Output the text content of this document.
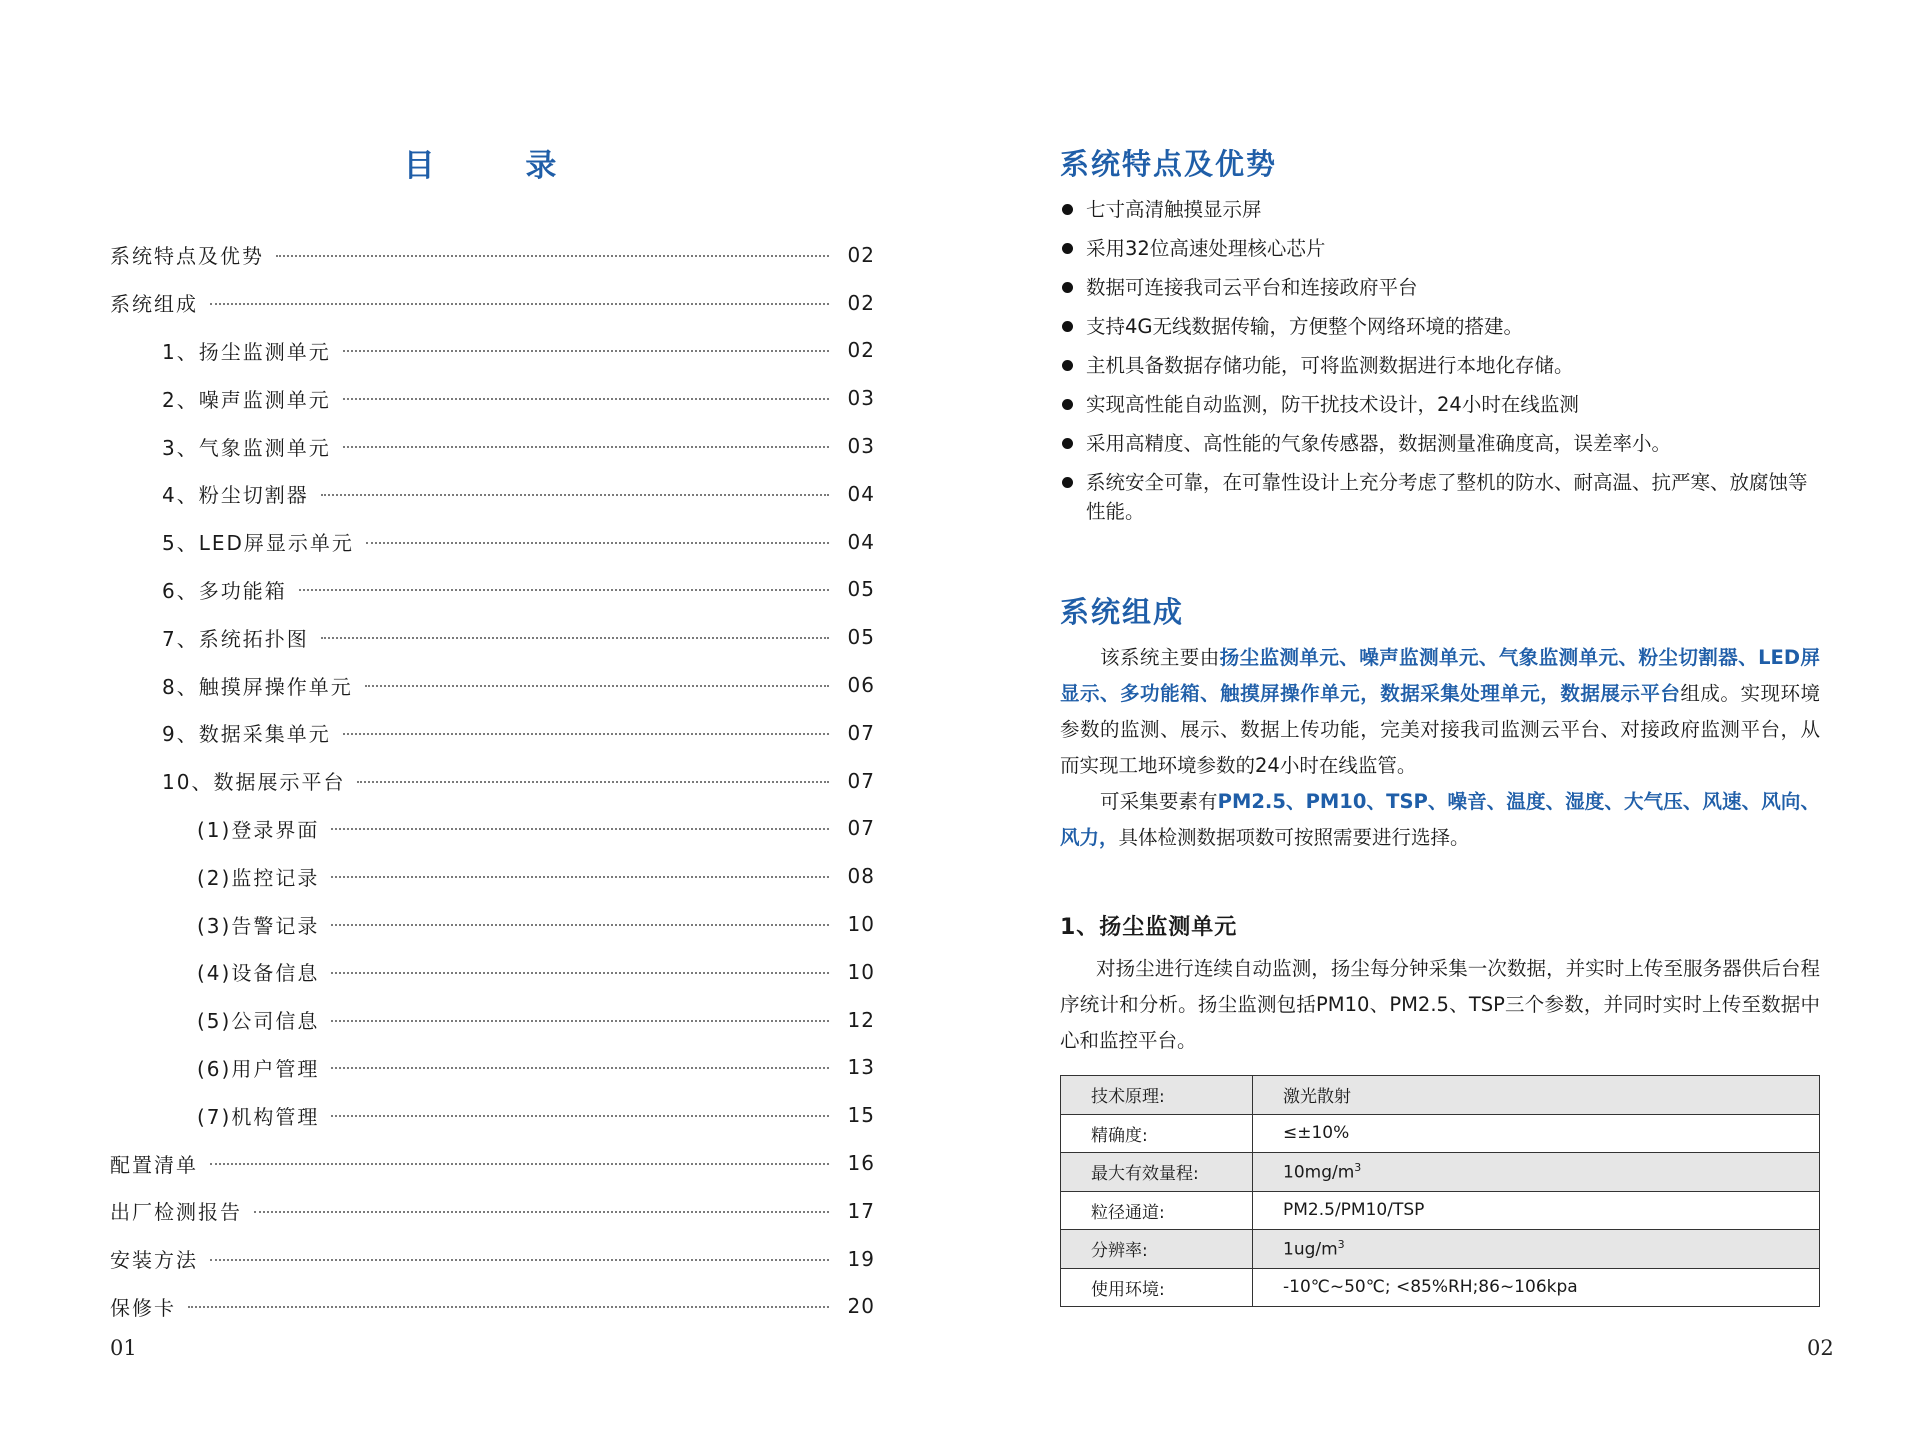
目 录
系统特点及优势	02
系统组成	02
1、扬尘监测单元	02
2、噪声监测单元	03
3、气象监测单元	03
4、粉尘切割器	04
5、LED屏显示单元	04
6、多功能箱	05
7、系统拓扑图	05
8、触摸屏操作单元	06
9、数据采集单元	07
10、数据展示平台	07
(1)登录界面	07
(2)监控记录	08
(3)告警记录	10
(4)设备信息	10
(5)公司信息	12
(6)用户管理	13
(7)机构管理	15
配置清单	16
出厂检测报告	17
安装方法	19
保修卡	20
01
系统特点及优势
七寸高清触摸显示屏
采用32位高速处理核心芯片
数据可连接我司云平台和连接政府平台
支持4G无线数据传输，方便整个网络环境的搭建。
主机具备数据存储功能，可将监测数据进行本地化存储。
实现高性能自动监测，防干扰技术设计，24小时在线监测
采用高精度、高性能的气象传感器，数据测量准确度高，误差率小。
系统安全可靠，在可靠性设计上充分考虑了整机的防水、耐高温、抗严寒、放腐蚀等性能。
系统组成

该系统主要由扬尘监测单元、噪声监测单元、气象监测单元、粉尘切割器、LED屏显示、多功能箱、触摸屏操作单元，数据采集处理单元，数据展示平台组成。实现环境参数的监测、展示、数据上传功能，完美对接我司监测云平台、对接政府监测平台，从而实现工地环境参数的24小时在线监管。

可采集要素有PM2.5、PM10、TSP、噪音、温度、湿度、大气压、风速、风向、风力，具体检测数据项数可按照需要进行选择。

1、扬尘监测单元

对扬尘进行连续自动监测，扬尘每分钟采集一次数据，并实时上传至服务器供后台程序统计和分析。扬尘监测包括PM10、PM2.5、TSP三个参数，并同时实时上传至数据中心和监控平台。

技术原理:	激光散射
精确度:	≤±10%
最大有效量程:	$10mg/m^3$
粒径通道:	PM2.5/PM10/TSP
分辨率:	$1ug/m^3$
使用环境:	-10℃~50℃; <85%RH;86~106kpa
02
